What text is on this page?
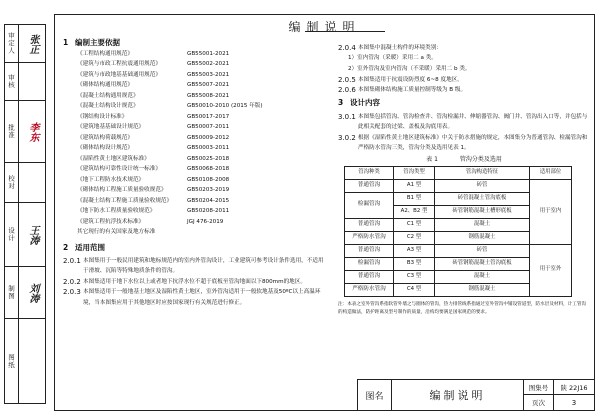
审定人	张正
审核
批准	李东
校对
设计	王涛
制图	刘涛
图纸
编制说明
1 编制主要依据
《工程结构通用规范》	GB55001-2021
《建筑与市政工程抗震通用规范》	GB55002-2021
《建筑与市政地基基础通用规范》	GB55003-2021
《砌体结构通用规范》	GB55007-2021
《混凝土结构通用规范》	GB55008-2021
《混凝土结构设计规范》	GB50010-2010 (2015 年版)
《钢结构设计标准》	GB50017-2017
《建筑地基基础设计规范》	GB50007-2011
《建筑结构荷载规范》	GB50009-2012
《砌体结构设计规范》	GB50003-2011
《湿陷性黄土地区建筑标准》	GB50025-2018
《建筑结构可靠性设计统一标准》	GB50068-2018
《地下工程防水技术规范》	GB50108-2008
《砌体结构工程施工质量验收规范》	GB50203-2019
《混凝土结构工程施工质量验收规范》	GB50204-2015
《地下防水工程质量验收规范》	GB50208-2011
《建筑工程抗浮技术标准》	JGJ 476-2019
其它现行的有关国家及地方标准
2 适用范围
2.0.1 本图集用于一般民用建筑和地标规范内的室内外管沟设计，工业建筑可参考设计条件选用，不适用于滑坡、沉陷等特殊地质条件的管沟。
2.0.2 本图集适用于地下水位以上或者地下抗浮水位不超于底板至管沟地面以下800mm的地区。
2.0.3 本图集适用于一般地基土地区及湿陷性黄土地区，室外管沟适用于一般软地基及50ºC以上高温环境，当本图集应用于其他地区时应按国家现行有关规范进行修正。
2.0.4 本图集中混凝土构件的环境类别：
1）室内管沟（采暖）采用二 a 类。
2）室外管沟及室内管沟（不采暖）采用二 b 类。
2.0.5 本图集适用于抗震设防烈度 6~8 度地区。
2.0.6 本图集砌体结构施工质量控制等级为 B 级。
3 设计内容
3.0.1 本图集包括管沟、管沟检查井、管沟检漏井、伸缩器管沟、阀门井、管沟出入口等，并包括与此相关配套的过梁、盖板及沟底用表。
3.0.2 根据《湿陷性黄土地区建筑标准》中关于防水措施的规定，本图集分为普通管沟、检漏管沟和严格防水管沟三类，管沟分类及选用见表 1。
表 1	管沟分类及选用
管沟种类	管沟类型	管沟构造特征	适用部位
普通管沟	A1 型	砖管	用于室内
检漏管沟	B1 型	砖管混凝土管沟底板	
	A2、B2 型	砖管钢筋混凝土槽形底板	
普通管沟	C1 型	混凝土	
严格防水管沟	C2 型	钢筋混凝土	
普通管沟	A3 型	砖管	用于室外
检漏管沟	B3 型	砖管钢筋混凝土管沟底板	
普通管沟	C3 型	混凝土	
严格防水管沟	C4 型	钢筋混凝土	
注：本表之室外管沟系指软管外墙之与圈体的管沟，热力排管线系指通过室外管沟中铺设管道型，防水层及材料，计工管沟的构造做法，防护距离及型号制作的质量，沿构均要满足国家规范的要求。
图名	编制说明
图集号	陕 22J16
页次	3
